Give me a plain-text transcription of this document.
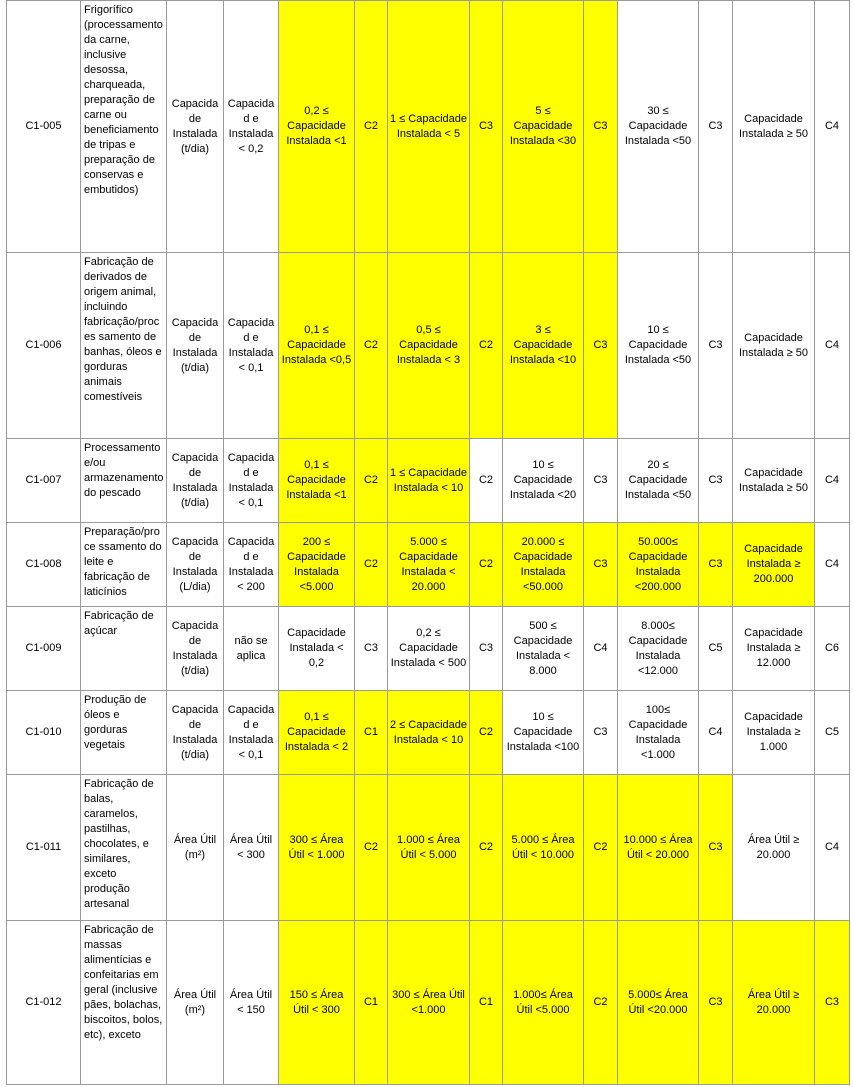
C1-005	Frigorífico (processamento da carne, inclusive desossa, charqueada, preparação de carne ou beneficiamento de tripas e preparação de conservas e embutidos)	Capacidade Instalada (t/dia)	Capacidad e Instalada < 0,2	0,2 ≤ Capacidade Instalada <1	C2	1 ≤ Capacidade Instalada < 5	C3	5 ≤ Capacidade Instalada <30	C3	30 ≤ Capacidade Instalada <50	C3	Capacidade Instalada ≥ 50	C4
C1-006	Fabricação de derivados de origem animal, incluindo fabricação/proces samento de banhas, óleos e gorduras animais comestíveis	Capacidade Instalada (t/dia)	Capacidad e Instalada < 0,1	0,1 ≤ Capacidade Instalada <0,5	C2	0,5 ≤ Capacidade Instalada < 3	C2	3 ≤ Capacidade Instalada <10	C3	10 ≤ Capacidade Instalada <50	C3	Capacidade Instalada ≥ 50	C4
C1-007	Processamento e/ou armazenamento do pescado	Capacidade Instalada (t/dia)	Capacidad e Instalada < 0,1	0,1 ≤ Capacidade Instalada <1	C2	1 ≤ Capacidade Instalada < 10	C2	10 ≤ Capacidade Instalada <20	C3	20 ≤ Capacidade Instalada <50	C3	Capacidade Instalada ≥ 50	C4
C1-008	Preparação/proce ssamento do leite e fabricação de laticínios	Capacidade Instalada (L/dia)	Capacidad e Instalada < 200	200 ≤ Capacidade Instalada <5.000	C2	5.000 ≤ Capacidade Instalada < 20.000	C2	20.000 ≤ Capacidade Instalada <50.000	C3	50.000≤ Capacidade Instalada <200.000	C3	Capacidade Instalada ≥ 200.000	C4
C1-009	Fabricação de açúcar	Capacidade Instalada (t/dia)	não se aplica	Capacidade Instalada < 0,2	C3	0,2 ≤ Capacidade Instalada < 500	C3	500 ≤ Capacidade Instalada < 8.000	C4	8.000≤ Capacidade Instalada <12.000	C5	Capacidade Instalada ≥ 12.000	C6
C1-010	Produção de óleos e gorduras vegetais	Capacidade Instalada (t/dia)	Capacidad e Instalada < 0,1	0,1 ≤ Capacidade Instalada < 2	C1	2 ≤ Capacidade Instalada < 10	C2	10 ≤ Capacidade Instalada <100	C3	100≤ Capacidade Instalada <1.000	C4	Capacidade Instalada ≥ 1.000	C5
C1-011	Fabricação de balas, caramelos, pastilhas, chocolates, e similares, exceto produção artesanal	Área Útil (m²)	Área Útil < 300	300 ≤ Área Útil < 1.000	C2	1.000 ≤ Área Útil < 5.000	C2	5.000 ≤ Área Útil < 10.000	C2	10.000 ≤ Área Útil < 20.000	C3	Área Útil ≥ 20.000	C4
C1-012	Fabricação de massas alimentícias e confeitarias em geral (inclusive pães, bolachas, biscoitos, bolos, etc), exceto	Área Útil (m²)	Área Útil < 150	150 ≤ Área Útil < 300	C1	300 ≤ Área Útil <1.000	C1	1.000≤ Área Útil <5.000	C2	5.000≤ Área Útil <20.000	C3	Área Útil ≥ 20.000	C3
